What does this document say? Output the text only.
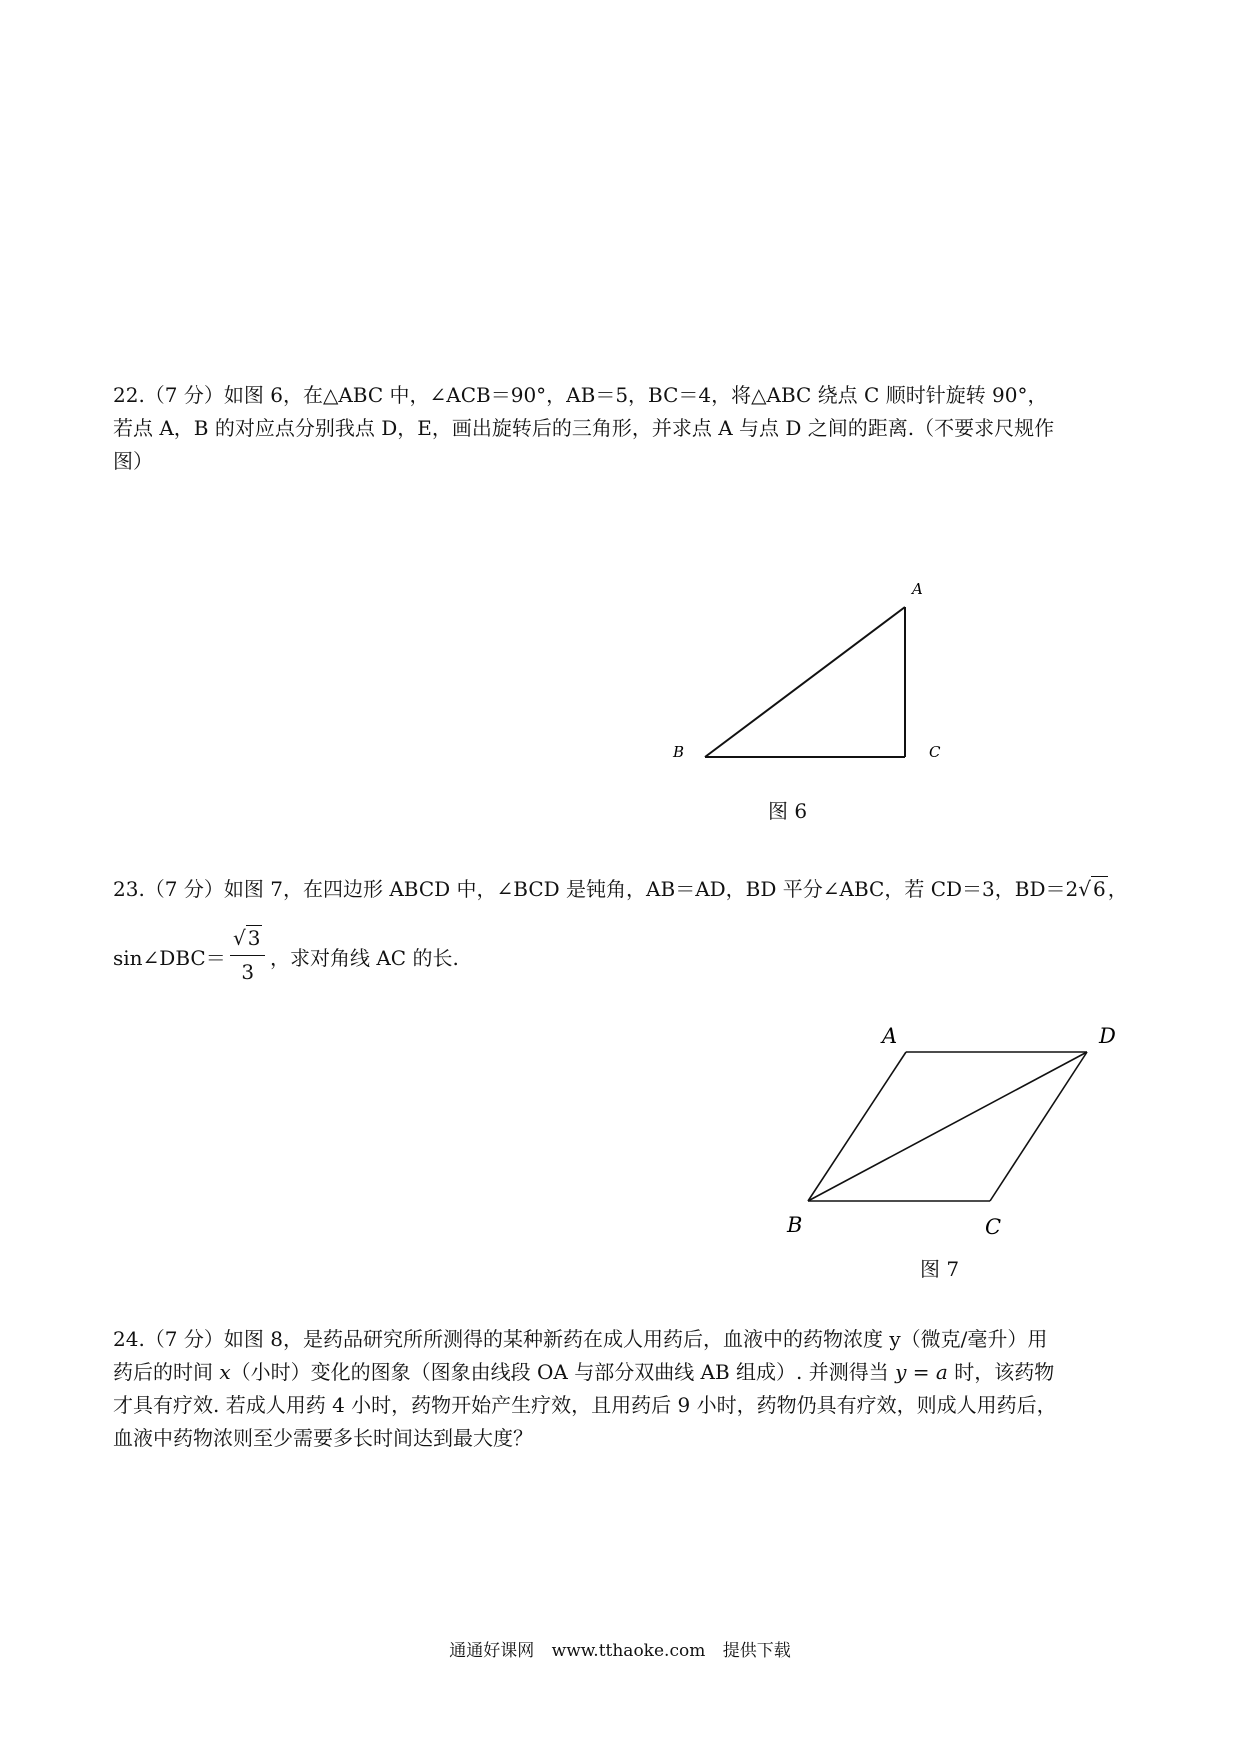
22.（7 分）如图 6，在△ABC 中，∠ACB＝90°，AB＝5，BC＝4，将△ABC 绕点 C 顺时针旋转 90°，
若点 A，B 的对应点分别我点 D，E，画出旋转后的三角形，并求点 A 与点 D 之间的距离.（不要求尺规作
图）
A
B	C
图 6
23.（7 分）如图 7，在四边形 ABCD 中，∠BCD 是钝角，AB＝AD，BD 平分∠ABC，若 CD＝3，BD＝2√ 6 ，
sin∠DBC＝ $\frac{√ 3}{3}$ ，求对角线 AC 的长.
A	D
B	C
图 7
24.（7 分）如图 8，是药品研究所所测得的某种新药在成人用药后，血液中的药物浓度 y（微克/毫升）用
药后的时间 x（小时）变化的图象（图象由线段 OA 与部分双曲线 AB 组成）. 并测得当 y = a 时，该药物
才具有疗效. 若成人用药 4 小时，药物开始产生疗效，且用药后 9 小时，药物仍具有疗效，则成人用药后，
血液中药物浓则至少需要多长时间达到最大度？
通通好课网 www.tthaoke.com 提供下载
